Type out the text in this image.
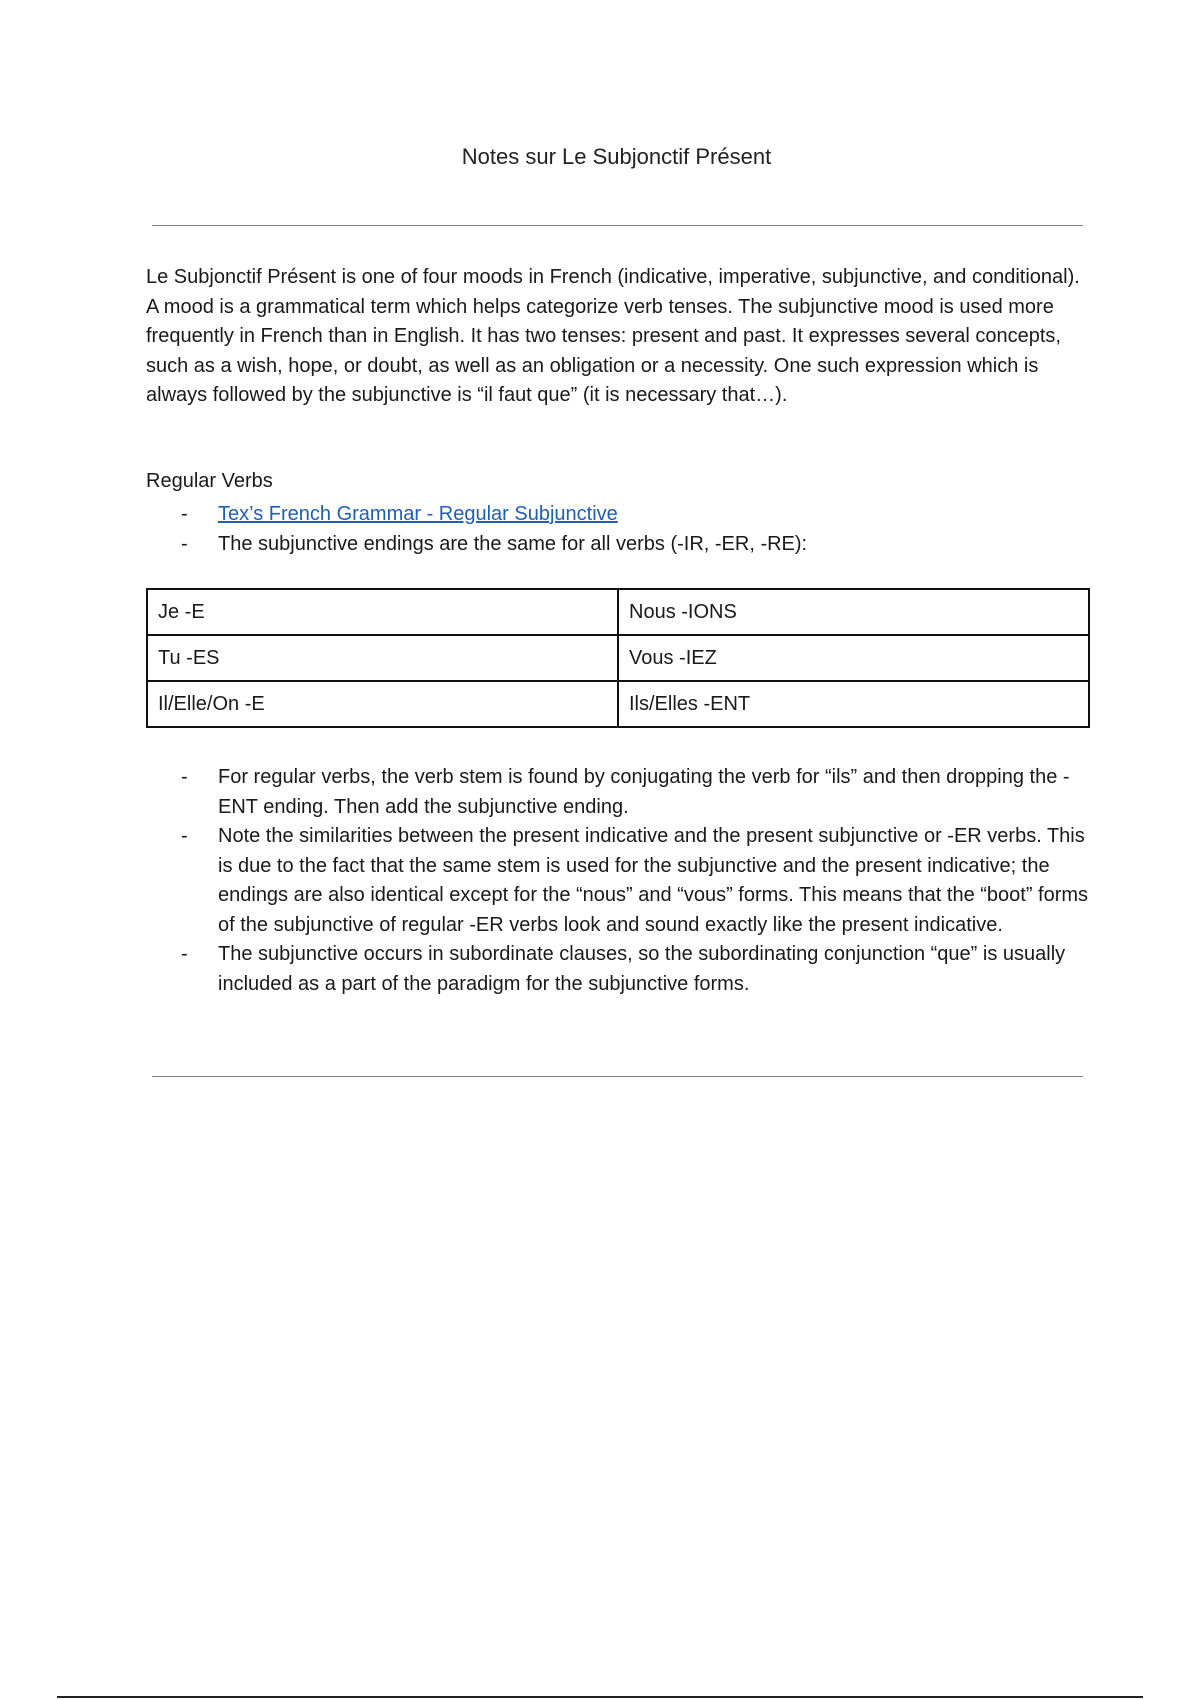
Notes sur Le Subjonctif Présent

Le Subjonctif Présent is one of four moods in French (indicative, imperative, subjunctive, and conditional). A mood is a grammatical term which helps categorize verb tenses. The subjunctive mood is used more frequently in French than in English. It has two tenses: present and past. It expresses several concepts, such as a wish, hope, or doubt, as well as an obligation or a necessity. One such expression which is always followed by the subjunctive is “il faut que” (it is necessary that…).

Regular Verbs

- Tex’s French Grammar - Regular Subjunctive
- The subjunctive endings are the same for all verbs (-IR, -ER, -RE):
Je -E	Nous -IONS
Tu -ES	Vous -IEZ
Il/Elle/On -E	Ils/Elles -ENT
- For regular verbs, the verb stem is found by conjugating the verb for “ils” and then dropping the -ENT ending. Then add the subjunctive ending.
- Note the similarities between the present indicative and the present subjunctive or -ER verbs. This is due to the fact that the same stem is used for the subjunctive and the present indicative; the endings are also identical except for the “nous” and “vous” forms. This means that the “boot” forms of the subjunctive of regular -ER verbs look and sound exactly like the present indicative.
- The subjunctive occurs in subordinate clauses, so the subordinating conjunction “que” is usually included as a part of the paradigm for the subjunctive forms.
